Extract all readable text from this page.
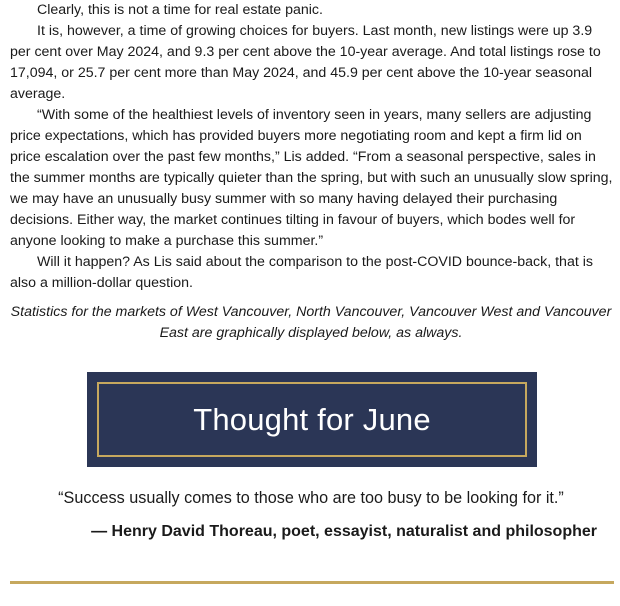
Clearly, this is not a time for real estate panic.

It is, however, a time of growing choices for buyers. Last month, new listings were up 3.9 per cent over May 2024, and 9.3 per cent above the 10-year average. And total listings rose to 17,094, or 25.7 per cent more than May 2024, and 45.9 per cent above the 10-year seasonal average.

“With some of the healthiest levels of inventory seen in years, many sellers are adjusting price expectations, which has provided buyers more negotiating room and kept a firm lid on price escalation over the past few months,” Lis added. “From a seasonal perspective, sales in the summer months are typically quieter than the spring, but with such an unusually slow spring, we may have an unusually busy summer with so many having delayed their purchasing decisions. Either way, the market continues tilting in favour of buyers, which bodes well for anyone looking to make a purchase this summer.”

Will it happen? As Lis said about the comparison to the post-COVID bounce-back, that is also a million-dollar question.

Statistics for the markets of West Vancouver, North Vancouver, Vancouver West and Vancouver East are graphically displayed below, as always.
Thought for June
“Success usually comes to those who are too busy to be looking for it.”
— Henry David Thoreau, poet, essayist, naturalist and philosopher
